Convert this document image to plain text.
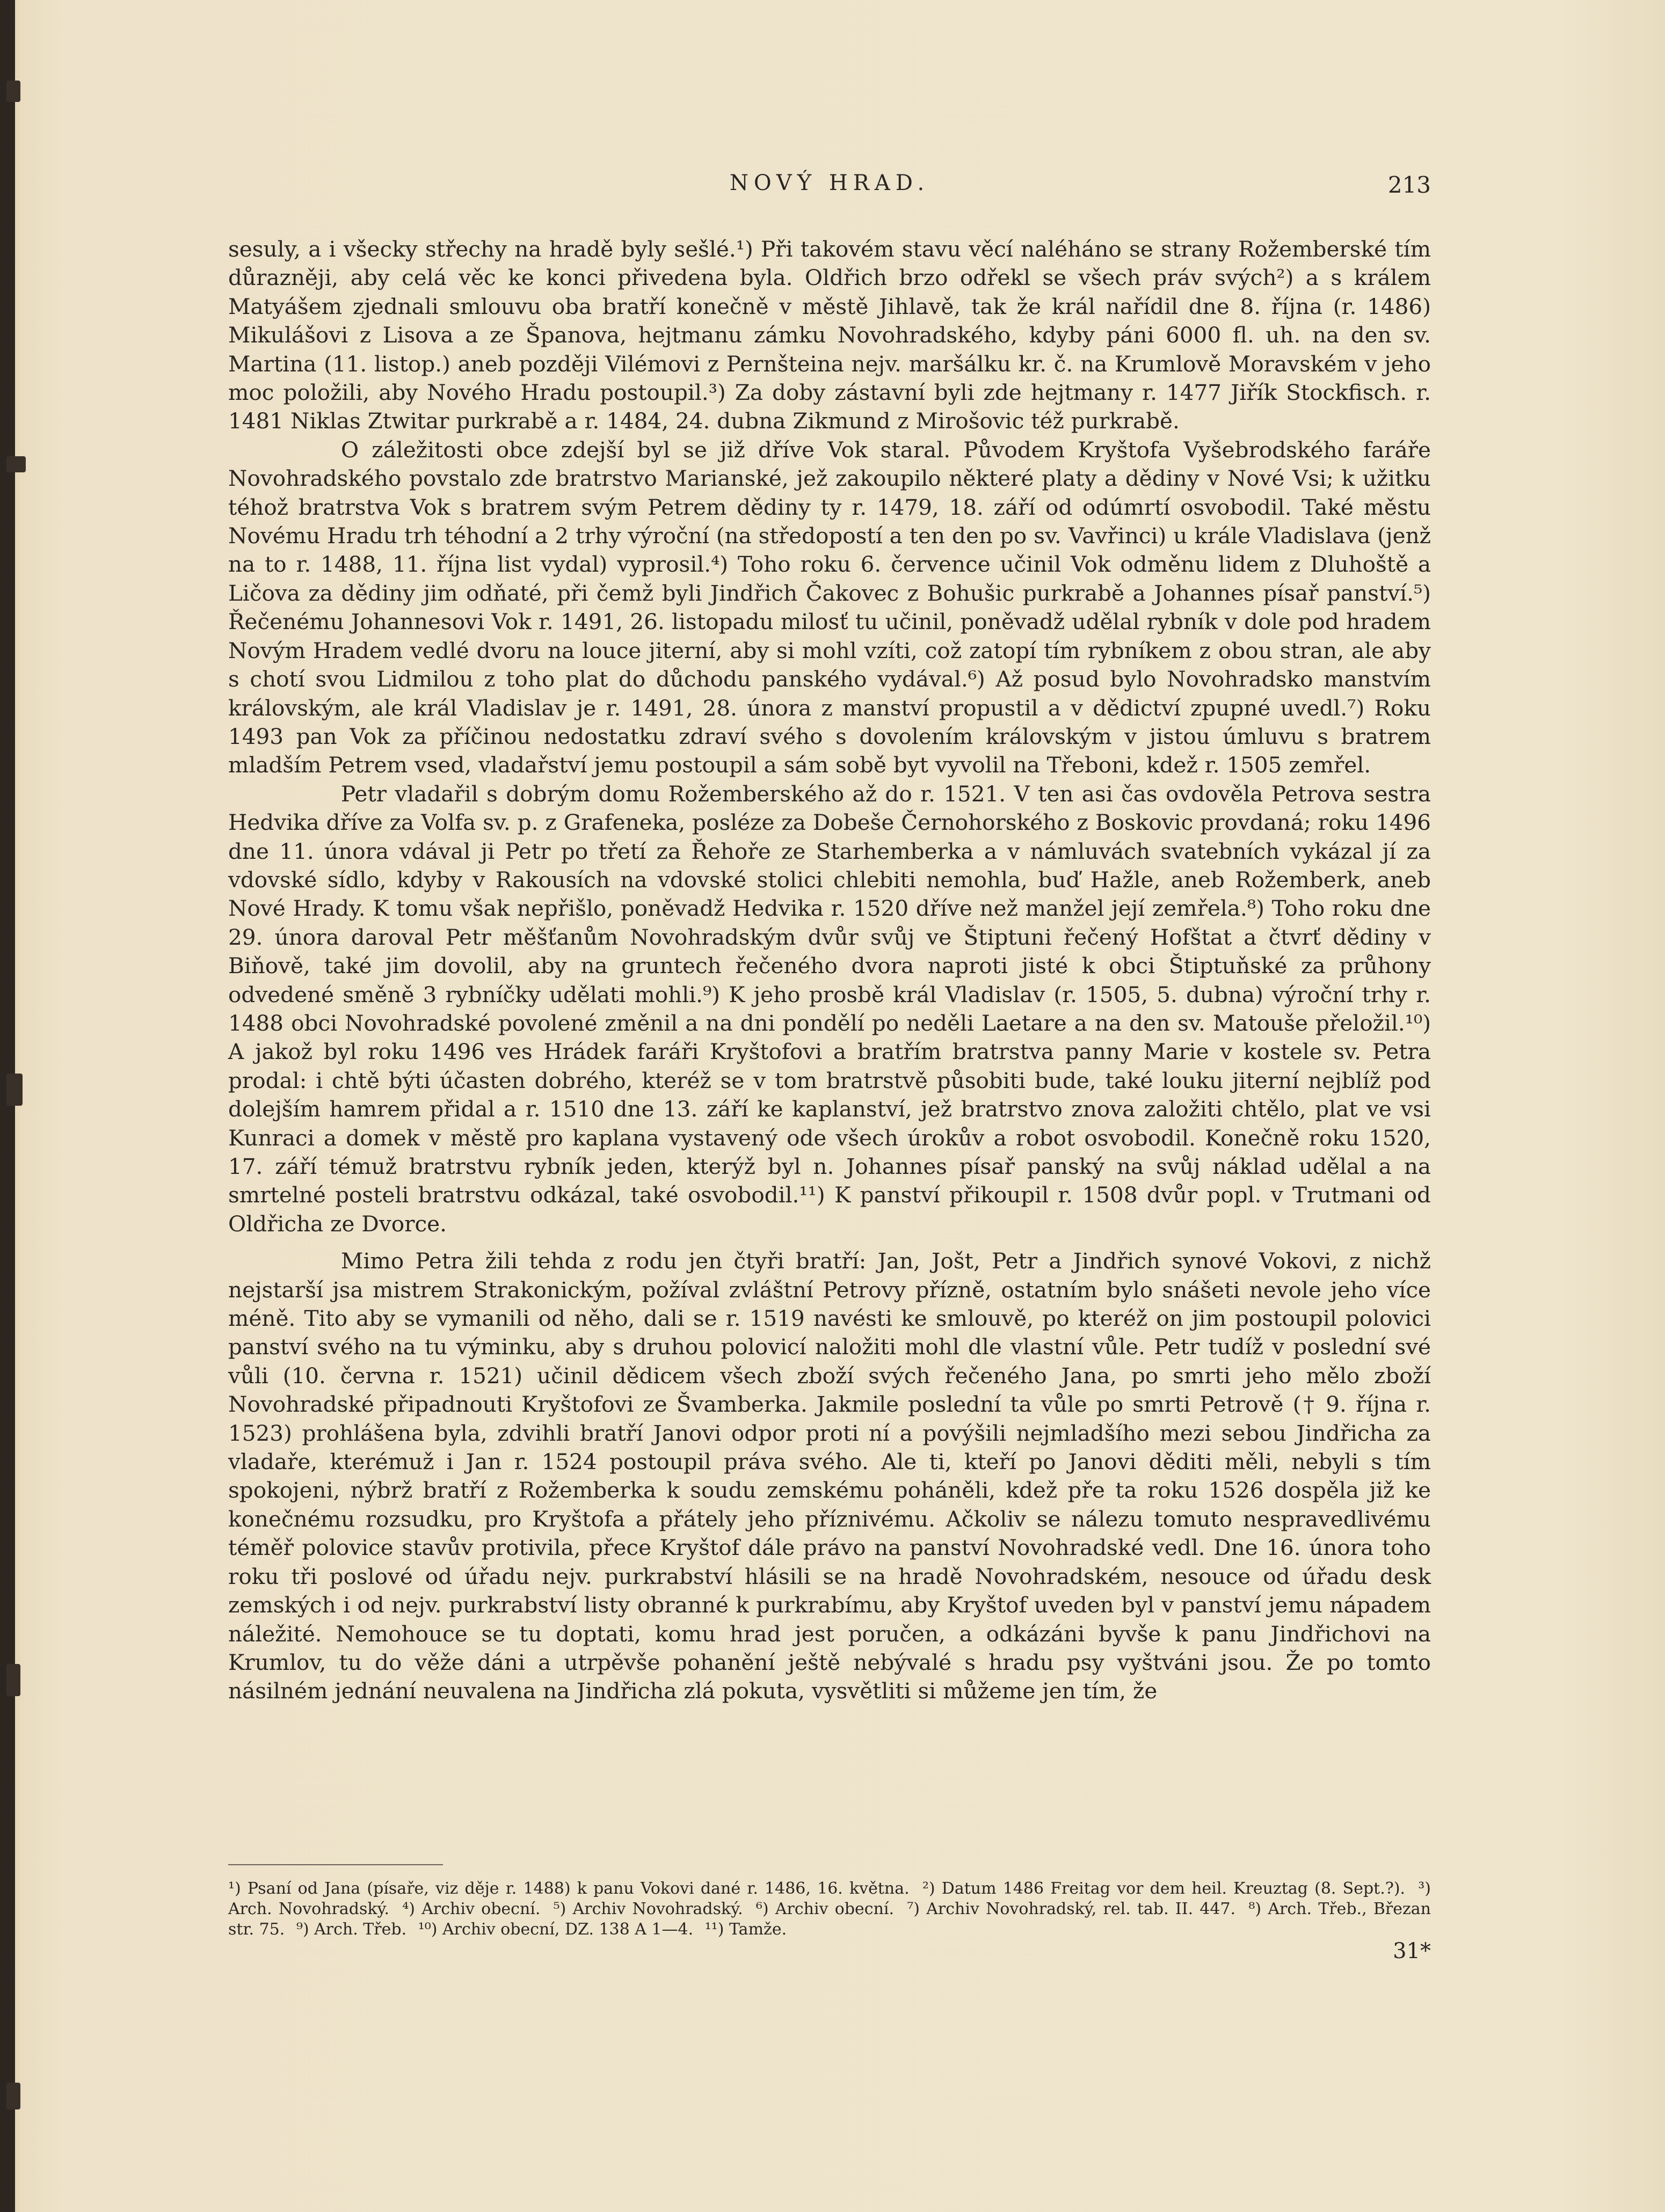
NOVÝ HRAD.	213

sesuly, a i všecky střechy na hradě byly sešlé.¹) Při takovém stavu věcí naléháno se strany Rožemberské tím důrazněji, aby celá věc ke konci přivedena byla. Oldřich brzo odřekl se všech práv svých²) a s králem Matyášem zjednali smlouvu oba bratří konečně v městě Jihlavě, tak že král nařídil dne 8. října (r. 1486) Mikulášovi z Lisova a ze Španova, hejtmanu zámku Novohradského, kdyby páni 6000 fl. uh. na den sv. Martina (11. listop.) aneb později Vilémovi z Pernšteina nejv. maršálku kr. č. na Krumlově Moravském v jeho moc položili, aby Nového Hradu postoupil.³) Za doby zástavní byli zde hejtmany r. 1477 Jiřík Stockfisch. r. 1481 Niklas Ztwitar purkrabě a r. 1484, 24. dubna Zikmund z Mirošovic též purkrabě.

O záležitosti obce zdejší byl se již dříve Vok staral. Původem Kryštofa Vyšebrodského faráře Novohradského povstalo zde bratrstvo Marianské, jež zakoupilo některé platy a dědiny v Nové Vsi; k užitku téhož bratrstva Vok s bratrem svým Petrem dědiny ty r. 1479, 18. září od odúmrtí osvobodil. Také městu Novému Hradu trh téhodní a 2 trhy výroční (na středopostí a ten den po sv. Vavřinci) u krále Vladislava (jenž na to r. 1488, 11. října list vydal) vyprosil.⁴) Toho roku 6. července učinil Vok odměnu lidem z Dluhoště a Ličova za dědiny jim odňaté, při čemž byli Jindřich Čakovec z Bohušic purkrabě a Johannes písař panství.⁵) Řečenému Johannesovi Vok r. 1491, 26. listopadu milosť tu učinil, poněvadž udělal rybník v dole pod hradem Novým Hradem vedlé dvoru na louce jiterní, aby si mohl vzíti, což zatopí tím rybníkem z obou stran, ale aby s chotí svou Lidmilou z toho plat do důchodu panského vydával.⁶) Až posud bylo Novohradsko manstvím královským, ale král Vladislav je r. 1491, 28. února z manství propustil a v dědictví zpupné uvedl.⁷) Roku 1493 pan Vok za příčinou nedostatku zdraví svého s dovolením královským v jistou úmluvu s bratrem mladším Petrem vsed, vladařství jemu postoupil a sám sobě byt vyvolil na Třeboni, kdež r. 1505 zemřel.

Petr vladařil s dobrým domu Rožemberského až do r. 1521. V ten asi čas ovdověla Petrova sestra Hedvika dříve za Volfa sv. p. z Grafeneka, posléze za Dobeše Černohorského z Boskovic provdaná; roku 1496 dne 11. února vdával ji Petr po třetí za Řehoře ze Starhemberka a v námluvách svatebních vykázal jí za vdovské sídlo, kdyby v Rakousích na vdovské stolici chlebiti nemohla, buď Hažle, aneb Rožemberk, aneb Nové Hrady. K tomu však nepřišlo, poněvadž Hedvika r. 1520 dříve než manžel její zemřela.⁸) Toho roku dne 29. února daroval Petr měšťanům Novohradským dvůr svůj ve Štiptuni řečený Hofštat a čtvrť dědiny v Biňově, také jim dovolil, aby na gruntech řečeného dvora naproti jisté k obci Štiptuňské za průhony odvedené směně 3 rybníčky udělati mohli.⁹) K jeho prosbě král Vladislav (r. 1505, 5. dubna) výroční trhy r. 1488 obci Novohradské povolené změnil a na dni pondělí po neděli Laetare a na den sv. Matouše přeložil.¹⁰) A jakož byl roku 1496 ves Hrádek faráři Kryštofovi a bratřím bratrstva panny Marie v kostele sv. Petra prodal: i chtě býti účasten dobrého, kteréž se v tom bratrstvě působiti bude, také louku jiterní nejblíž pod dolejším hamrem přidal a r. 1510 dne 13. září ke kaplanství, jež bratrstvo znova založiti chtělo, plat ve vsi Kunraci a domek v městě pro kaplana vystavený ode všech úrokův a robot osvobodil. Konečně roku 1520, 17. září témuž bratrstvu rybník jeden, kterýž byl n. Johannes písař panský na svůj náklad udělal a na smrtelné posteli bratrstvu odkázal, také osvobodil.¹¹) K panství přikoupil r. 1508 dvůr popl. v Trutmani od Oldřicha ze Dvorce.

Mimo Petra žili tehda z rodu jen čtyři bratří: Jan, Jošt, Petr a Jindřich synové Vokovi, z nichž nejstarší jsa mistrem Strakonickým, požíval zvláštní Petrovy přízně, ostatním bylo snášeti nevole jeho více méně. Tito aby se vymanili od něho, dali se r. 1519 navésti ke smlouvě, po kteréž on jim postoupil polovici panství svého na tu výminku, aby s druhou polovicí naložiti mohl dle vlastní vůle. Petr tudíž v poslední své vůli (10. června r. 1521) učinil dědicem všech zboží svých řečeného Jana, po smrti jeho mělo zboží Novohradské připadnouti Kryštofovi ze Švamberka. Jakmile poslední ta vůle po smrti Petrově († 9. října r. 1523) prohlášena byla, zdvihli bratří Janovi odpor proti ní a povýšili nejmladšího mezi sebou Jindřicha za vladaře, kterémuž i Jan r. 1524 postoupil práva svého. Ale ti, kteří po Janovi děditi měli, nebyli s tím spokojeni, nýbrž bratří z Rožemberka k soudu zemskému poháněli, kdež pře ta roku 1526 dospěla již ke konečnému rozsudku, pro Kryštofa a přátely jeho příznivému. Ačkoliv se nálezu tomuto nespravedlivému téměř polovice stavův protivila, přece Kryštof dále právo na panství Novohradské vedl. Dne 16. února toho roku tři poslové od úřadu nejv. purkrabství hlásili se na hradě Novohradském, nesouce od úřadu desk zemských i od nejv. purkrabství listy obranné k purkrabímu, aby Kryštof uveden byl v panství jemu nápadem náležité. Nemohouce se tu doptati, komu hrad jest poručen, a odkázáni byvše k panu Jindřichovi na Krumlov, tu do věže dáni a utrpěvše pohanění ještě nebývalé s hradu psy vyštváni jsou. Že po tomto násilném jednání neuvalena na Jindřicha zlá pokuta, vysvětliti si můžeme jen tím, že

¹) Psaní od Jana (písaře, viz děje r. 1488) k panu Vokovi dané r. 1486, 16. května. ²) Datum 1486 Freitag vor dem heil. Kreuztag (8. Sept.?). ³) Arch. Novohradský. ⁴) Archiv obecní. ⁵) Archiv Novohradský. ⁶) Archiv obecní. ⁷) Archiv Novohradský, rel. tab. II. 447. ⁸) Arch. Třeb., Březan str. 75. ⁹) Arch. Třeb. ¹⁰) Archiv obecní, DZ. 138 A 1—4. ¹¹) Tamže.
31*
